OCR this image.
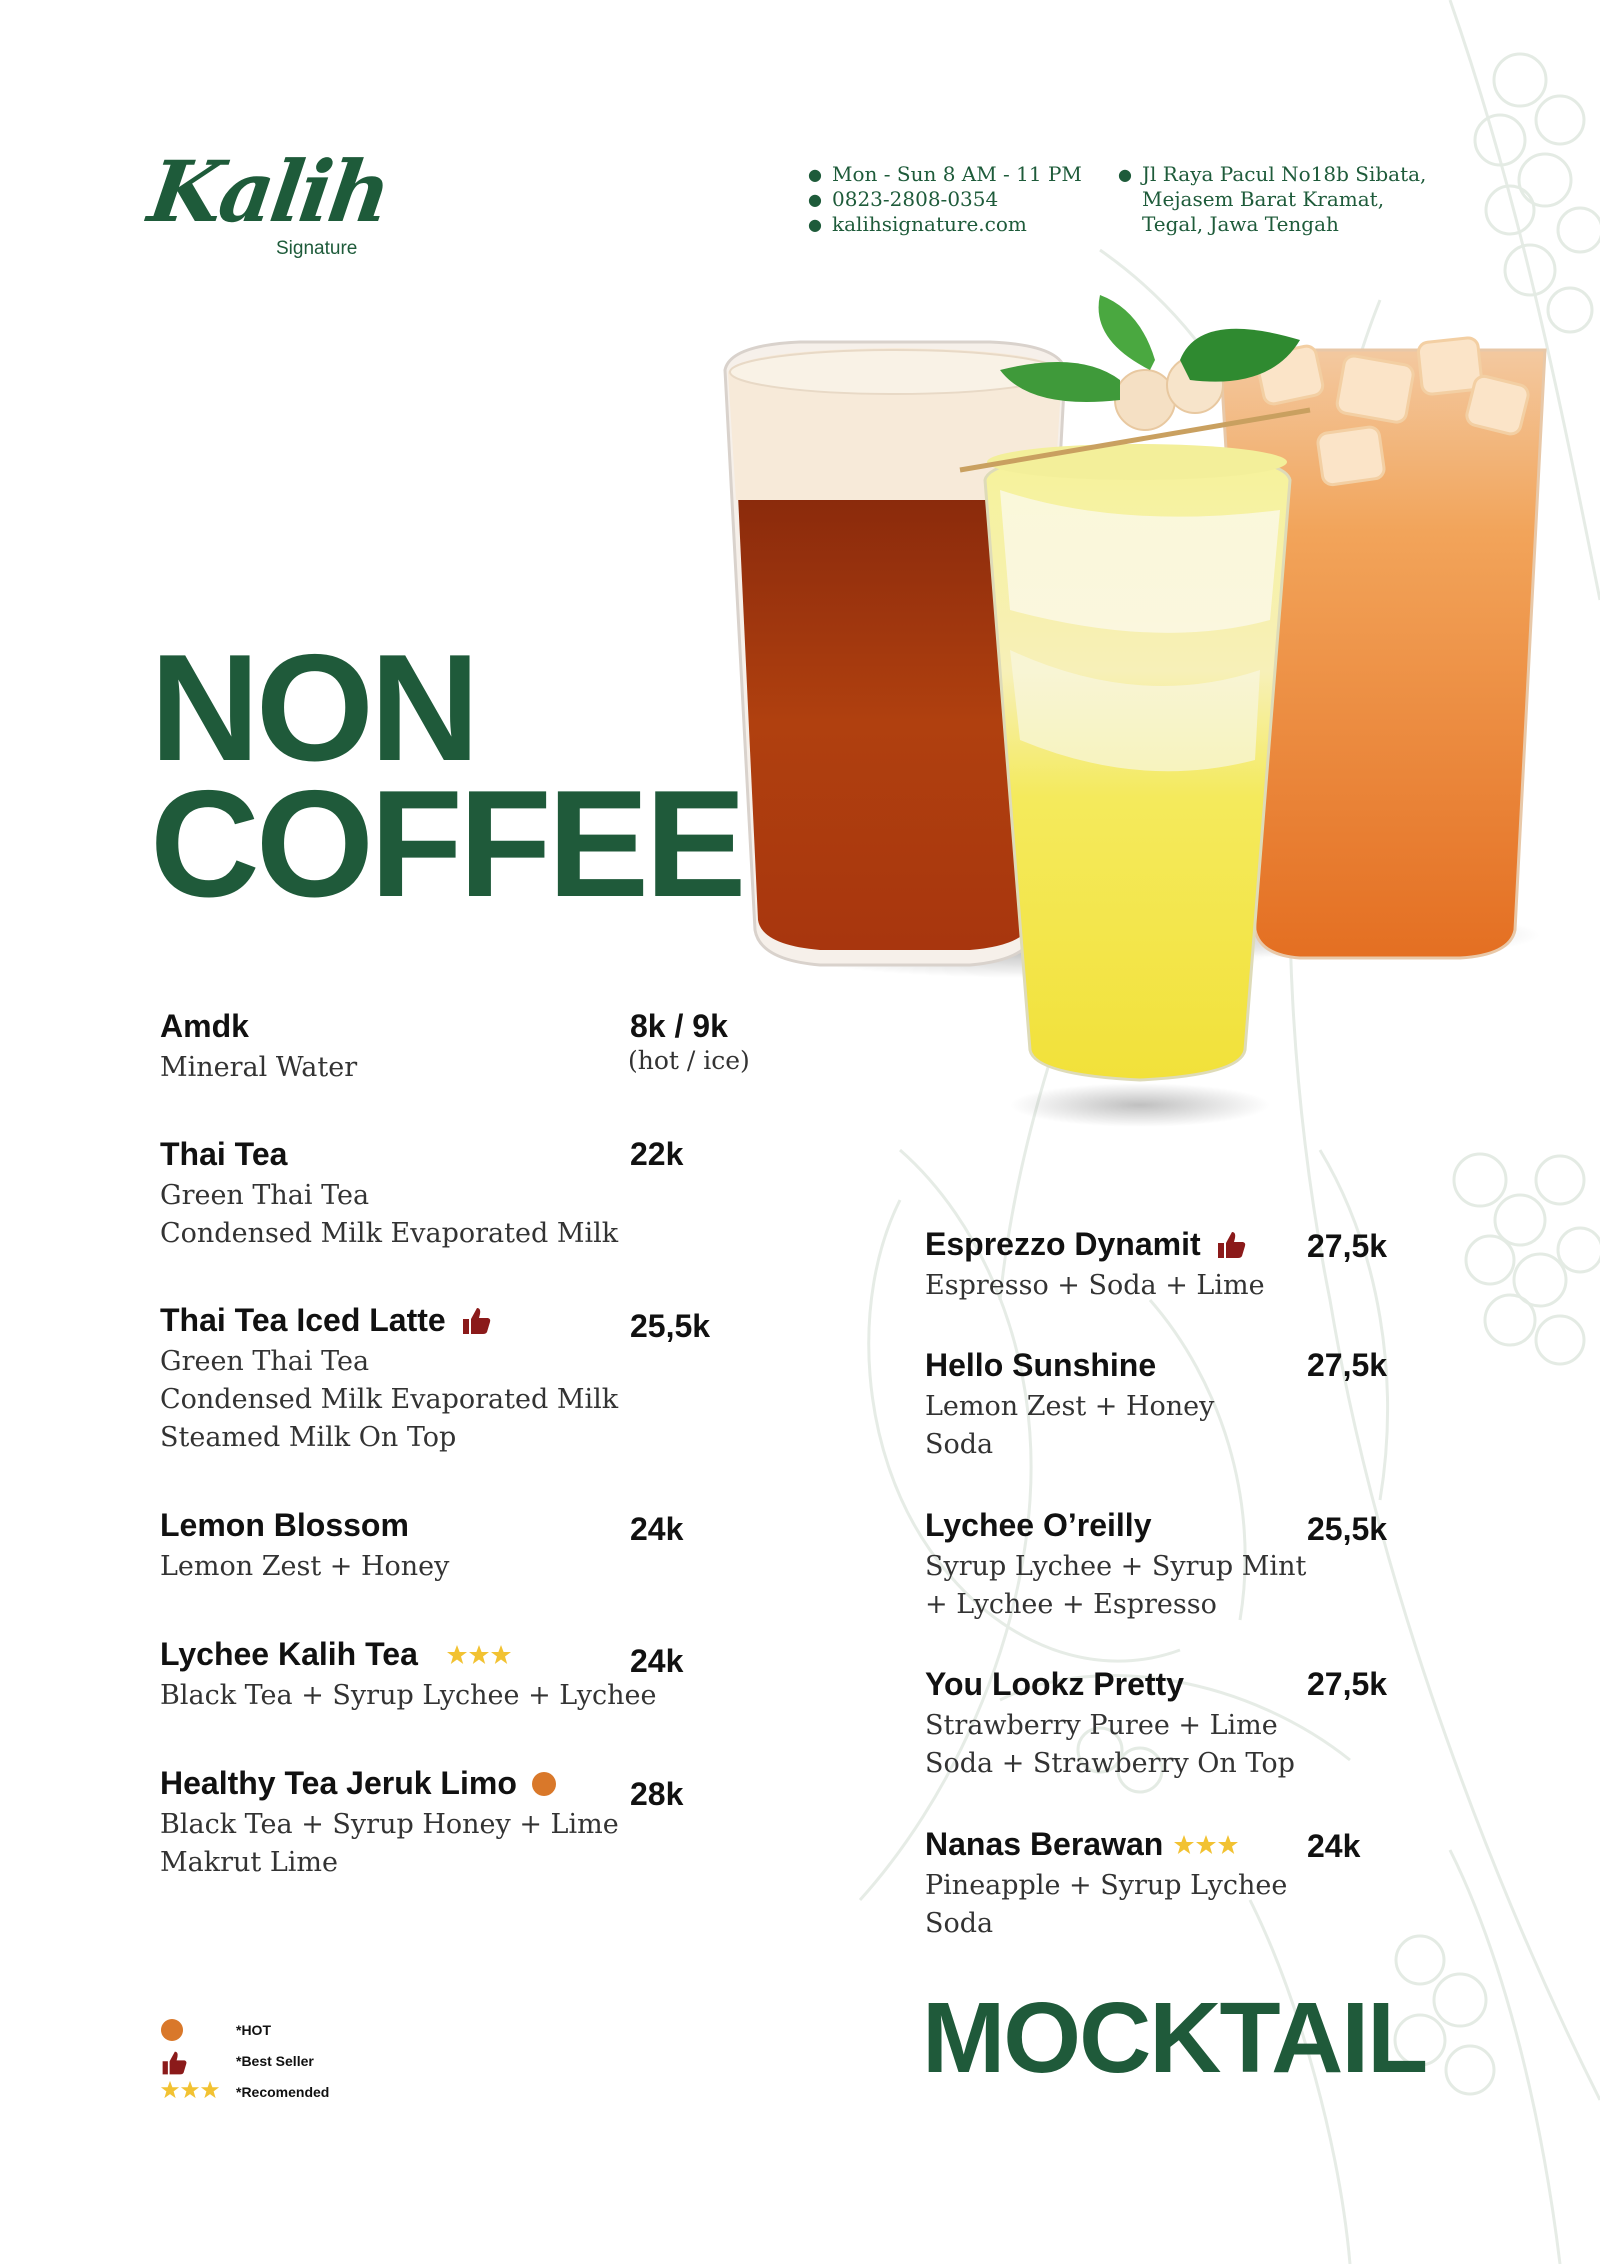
Kalih
Signature
● Mon - Sun 8 AM - 11 PM
● 0823-2808-0354
● kalihsignature.com
● Jl Raya Pacul No18b Sibata,
Mejasem Barat Kramat,
Tegal, Jawa Tengah
NON
COFFEE
MOCKTAIL
Amdk
Mineral Water
8k / 9k
(hot / ice)
Thai Tea
Green Thai Tea
Condensed Milk Evaporated Milk
22k
Thai Tea Iced Latte
Green Thai Tea
Condensed Milk Evaporated Milk
Steamed Milk On Top
25,5k
Lemon Blossom
Lemon Zest + Honey
24k
Lychee Kalih Tea
Black Tea + Syrup Lychee + Lychee
24k
Healthy Tea Jeruk Limo
Black Tea + Syrup Honey + Lime
Makrut Lime
28k
Esprezzo Dynamit
Espresso + Soda + Lime
27,5k
Hello Sunshine
Lemon Zest + Honey
Soda
27,5k
Lychee O’reilly
Syrup Lychee + Syrup Mint
+ Lychee + Espresso
25,5k
You Lookz Pretty
Strawberry Puree + Lime
Soda + Strawberry On Top
27,5k
Nanas Berawan
Pineapple + Syrup Lychee
Soda
24k
*HOT
*Best Seller
*Recomended
